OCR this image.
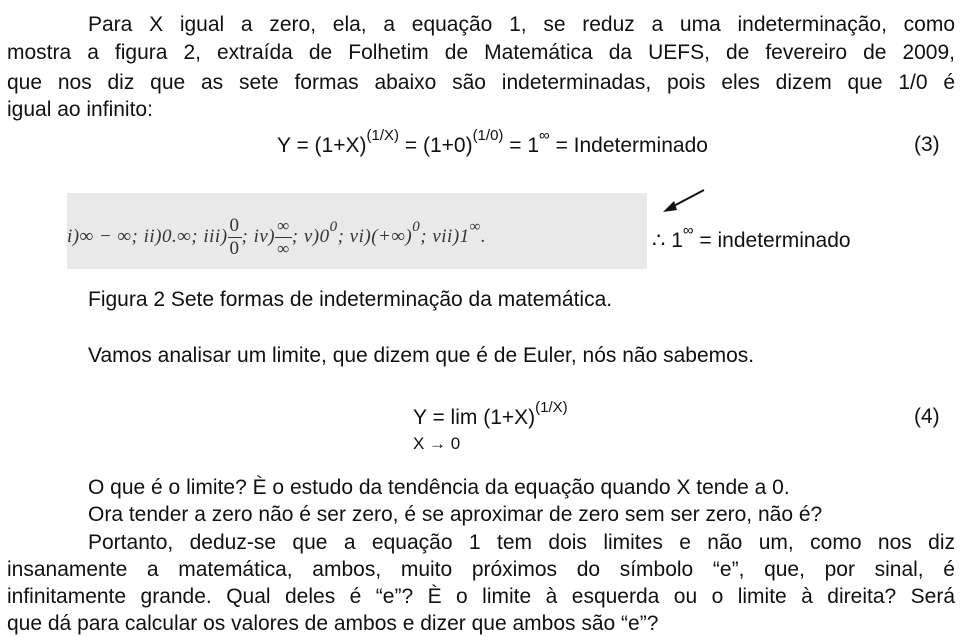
Para X igual a zero, ela, a equação 1, se reduz a uma indeterminação, como
mostra a figura 2, extraída de Folhetim de Matemática da UEFS, de fevereiro de 2009,
que nos diz que as sete formas abaixo são indeterminadas, pois eles dizem que 1/0 é
igual ao infinito:
$Y = (1+X)^{(1/X)} = (1+0)^{(1/0)} = 1^\infty$ = Indeterminado	(3)
i)∞ − ∞; ii)0.∞; $iii) \frac{0}{0}$ ; $iv) \frac{\infty}{\infty}$ ; $v)0^0$; vi)(+∞)$^0$; vii)1∞.	∴ 1∞ = indeterminado
Figura 2 Sete formas de indeterminação da matemática.
Vamos analisar um limite, que dizem que é de Euler, nós não sabemos.
$Y = \lim (1+X)^{(1/X)}$
X → 0
(4)
O que é o limite? È o estudo da tendência da equação quando X tende a 0.
Ora tender a zero não é ser zero, é se aproximar de zero sem ser zero, não é?
Portanto, deduz-se que a equação 1 tem dois limites e não um, como nos diz
insanamente a matemática, ambos, muito próximos do símbolo “e”, que, por sinal, é
infinitamente grande. Qual deles é “e”? È o limite à esquerda ou o limite à direita? Será
que dá para calcular os valores de ambos e dizer que ambos são “e”?
